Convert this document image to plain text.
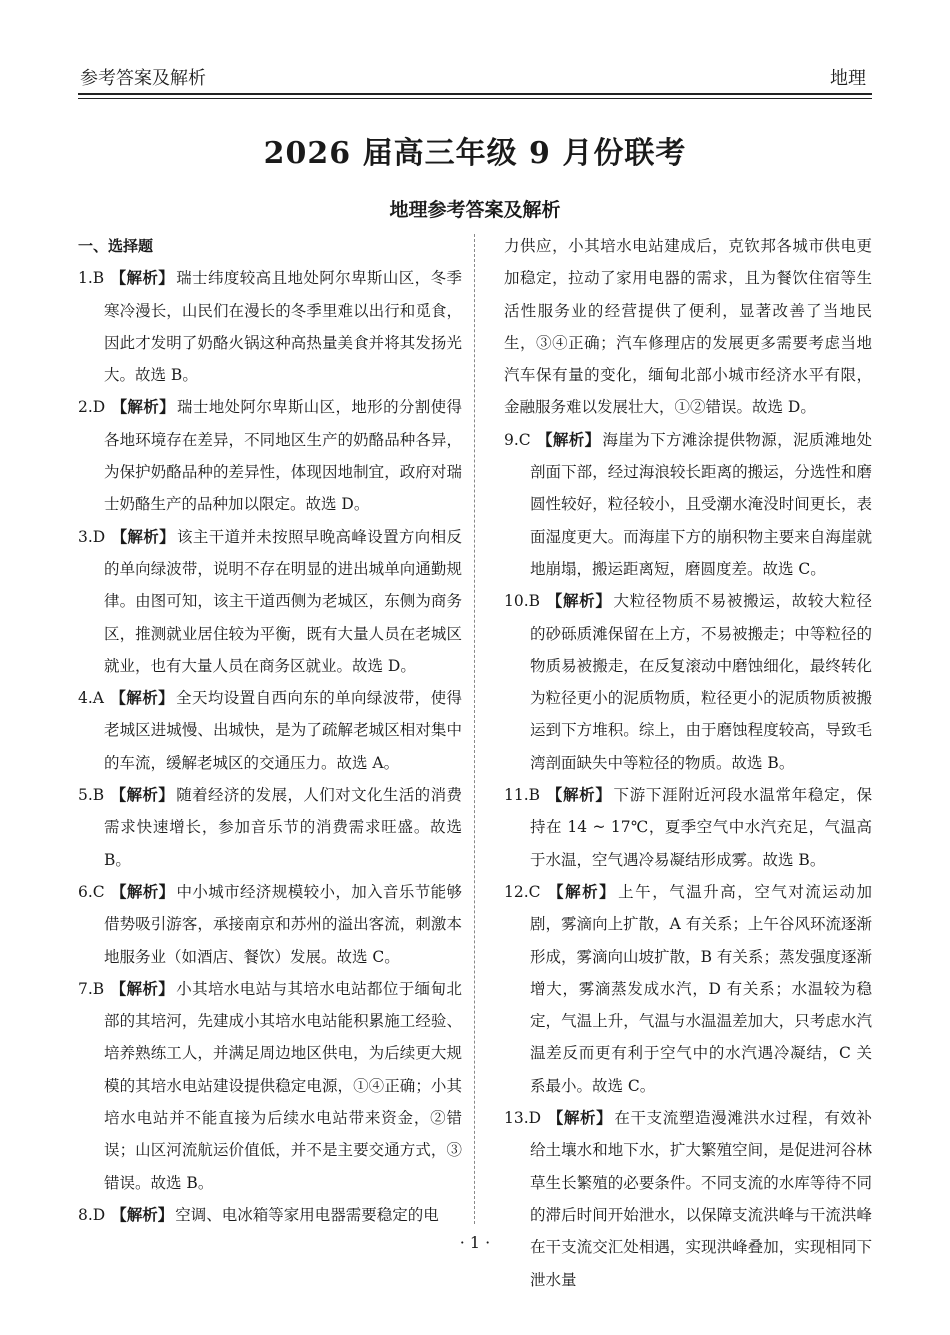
参考答案及解析	地理
2026 届高三年级 9 月份联考
地理参考答案及解析
一、选择题

1.B 【解析】 瑞士纬度较高且地处阿尔卑斯山区，冬季寒冷漫长，山民们在漫长的冬季里难以出行和觅食，因此才发明了奶酪火锅这种高热量美食并将其发扬光大。故选 B。

2.D 【解析】 瑞士地处阿尔卑斯山区，地形的分割使得各地环境存在差异，不同地区生产的奶酪品种各异，为保护奶酪品种的差异性，体现因地制宜，政府对瑞士奶酪生产的品种加以限定。故选 D。

3.D 【解析】 该主干道并未按照早晚高峰设置方向相反的单向绿波带，说明不存在明显的进出城单向通勤规律。由图可知，该主干道西侧为老城区，东侧为商务区，推测就业居住较为平衡，既有大量人员在老城区就业，也有大量人员在商务区就业。故选 D。

4.A 【解析】 全天均设置自西向东的单向绿波带，使得老城区进城慢、出城快，是为了疏解老城区相对集中的车流，缓解老城区的交通压力。故选 A。

5.B 【解析】 随着经济的发展，人们对文化生活的消费需求快速增长，参加音乐节的消费需求旺盛。故选 B。

6.C 【解析】 中小城市经济规模较小，加入音乐节能够借势吸引游客，承接南京和苏州的溢出客流，刺激本地服务业（如酒店、餐饮）发展。故选 C。

7.B 【解析】 小其培水电站与其培水电站都位于缅甸北部的其培河，先建成小其培水电站能积累施工经验、培养熟练工人，并满足周边地区供电，为后续更大规模的其培水电站建设提供稳定电源，①④正确；小其培水电站并不能直接为后续水电站带来资金，②错误；山区河流航运价值低，并不是主要交通方式，③错误。故选 B。

8.D 【解析】 空调、电冰箱等家用电器需要稳定的电

力供应，小其培水电站建成后，克钦邦各城市供电更加稳定，拉动了家用电器的需求，且为餐饮住宿等生活性服务业的经营提供了便利，显著改善了当地民生，③④正确；汽车修理店的发展更多需要考虑当地汽车保有量的变化，缅甸北部小城市经济水平有限，金融服务难以发展壮大，①②错误。故选 D。

9.C 【解析】 海崖为下方滩涂提供物源，泥质滩地处剖面下部，经过海浪较长距离的搬运，分选性和磨圆性较好，粒径较小，且受潮水淹没时间更长，表面湿度更大。而海崖下方的崩积物主要来自海崖就地崩塌，搬运距离短，磨圆度差。故选 C。

10.B 【解析】 大粒径物质不易被搬运，故较大粒径的砂砾质滩保留在上方，不易被搬走；中等粒径的物质易被搬走，在反复滚动中磨蚀细化，最终转化为粒径更小的泥质物质，粒径更小的泥质物质被搬运到下方堆积。综上，由于磨蚀程度较高，导致毛湾剖面缺失中等粒径的物质。故选 B。

11.B 【解析】 下游下涯附近河段水温常年稳定，保持在 14 ~ 17℃，夏季空气中水汽充足，气温高于水温，空气遇冷易凝结形成雾。故选 B。

12.C 【解析】 上午，气温升高，空气对流运动加剧，雾滴向上扩散，A 有关系；上午谷风环流逐渐形成，雾滴向山坡扩散，B 有关系；蒸发强度逐渐增大，雾滴蒸发成水汽，D 有关系；水温较为稳定，气温上升，气温与水温温差加大，只考虑水汽温差反而更有利于空气中的水汽遇冷凝结，C 关系最小。故选 C。

13.D 【解析】 在干支流塑造漫滩洪水过程，有效补给土壤水和地下水，扩大繁殖空间，是促进河谷林草生长繁殖的必要条件。不同支流的水库等待不同的滞后时间开始泄水，以保障支流洪峰与干流洪峰在干支流交汇处相遇，实现洪峰叠加，实现相同下泄水量

· 1 ·
